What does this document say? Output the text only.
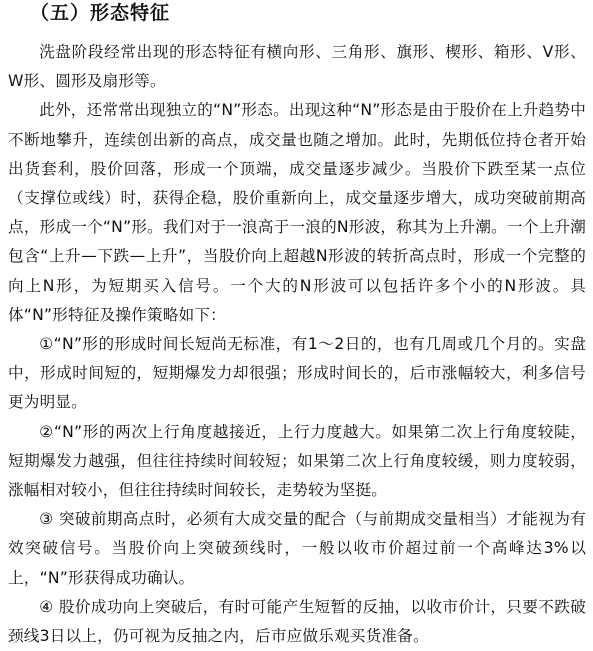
（五）形态特征

洗盘阶段经常出现的形态特征有横向形、三角形、旗形、楔形、箱形、V形、W形、圆形及扇形等。

此外，还常常出现独立的“N”形态。出现这种“N”形态是由于股价在上升趋势中不断地攀升，连续创出新的高点，成交量也随之增加。此时，先期低位持仓者开始出货套利，股价回落，形成一个顶端，成交量逐步减少。当股价下跌至某一点位（支撑位或线）时，获得企稳，股价重新向上，成交量逐步增大，成功突破前期高点，形成一个“N”形。我们对于一浪高于一浪的N形波，称其为上升潮。一个上升潮包含“上升—下跌—上升”，当股价向上超越N形波的转折高点时，形成一个完整的向上N形，为短期买入信号。一个大的N形波可以包括许多个小的N形波。具体“N”形特征及操作策略如下：

①“N”形的形成时间长短尚无标准，有1～2日的，也有几周或几个月的。实盘中，形成时间短的，短期爆发力却很强；形成时间长的，后市涨幅较大，利多信号更为明显。

②“N”形的两次上行角度越接近，上行力度越大。如果第二次上行角度较陡，短期爆发力越强，但往往持续时间较短；如果第二次上行角度较缓，则力度较弱，涨幅相对较小，但往往持续时间较长，走势较为坚挺。

③ 突破前期高点时，必须有大成交量的配合（与前期成交量相当）才能视为有效突破信号。当股价向上突破颈线时，一般以收市价超过前一个高峰达3%以上，“N”形获得成功确认。

④ 股价成功向上突破后，有时可能产生短暂的反抽，以收市价计，只要不跌破颈线3日以上，仍可视为反抽之内，后市应做乐观买货准备。
